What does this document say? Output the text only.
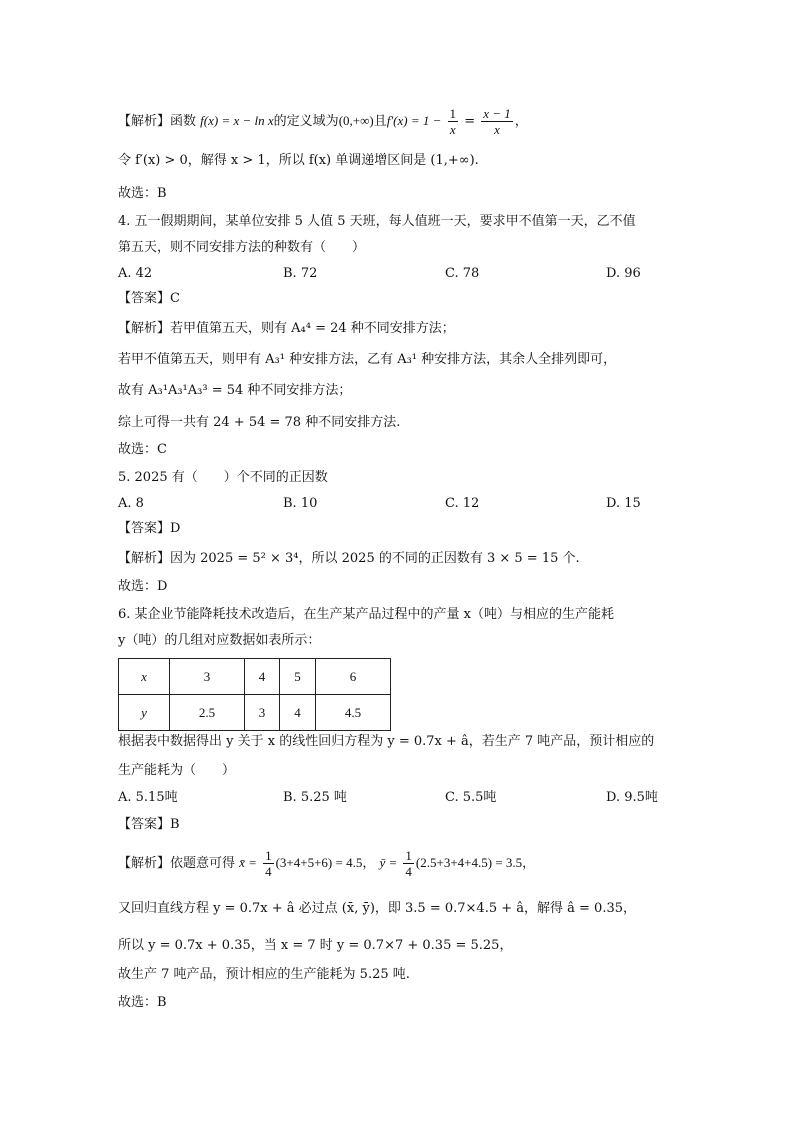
【解析】函数 f(x) = x − ln x的定义域为(0,+∞)且$f'(x) = 1 - \frac{1}{x} = \frac{x - 1}{x}$ ，
令 f′(x) > 0，解得 x > 1，所以 f(x) 单调递增区间是 (1,+∞).
故选：B
4. 五一假期期间，某单位安排 5 人值 5 天班，每人值班一天，要求甲不值第一天，乙不值
第五天，则不同安排方法的种数有（　　）
A. 42	B. 72	C. 78	D. 96
【答案】C
【解析】若甲值第五天，则有 A₄⁴ = 24 种不同安排方法；
若甲不值第五天，则甲有 A₃¹ 种安排方法，乙有 A₃¹ 种安排方法，其余人全排列即可，
故有 A₃¹A₃¹A₃³ = 54 种不同安排方法；
综上可得一共有 24 + 54 = 78 种不同安排方法.
故选：C
5. 2025 有（　　）个不同的正因数
A. 8	B. 10	C. 12	D. 15
【答案】D
【解析】因为 2025 = 5² × 3⁴，所以 2025 的不同的正因数有 3 × 5 = 15 个.
故选：D
6. 某企业节能降耗技术改造后，在生产某产品过程中的产量 x（吨）与相应的生产能耗
y（吨）的几组对应数据如表所示：
x	3	4	5	6
y	2.5	3	4	4.5
根据表中数据得出 y 关于 x 的线性回归方程为 y = 0.7x + â，若生产 7 吨产品，预计相应的
生产能耗为（　　）
A. 5.15吨	B. 5.25 吨	C. 5.5吨	D. 9.5吨
【答案】B
【解析】依题意可得 x̄ = $\frac{1}{4} (3+4+5+6) = 4.5$， ȳ = $\frac{1}{4} (2.5+3+4+4.5) = 3.5$，
又回归直线方程 y = 0.7x + â 必过点 (x̄, ȳ)，即 3.5 = 0.7×4.5 + â，解得 â = 0.35，
所以 y = 0.7x + 0.35，当 x = 7 时 y = 0.7×7 + 0.35 = 5.25，
故生产 7 吨产品，预计相应的生产能耗为 5.25 吨.
故选：B
